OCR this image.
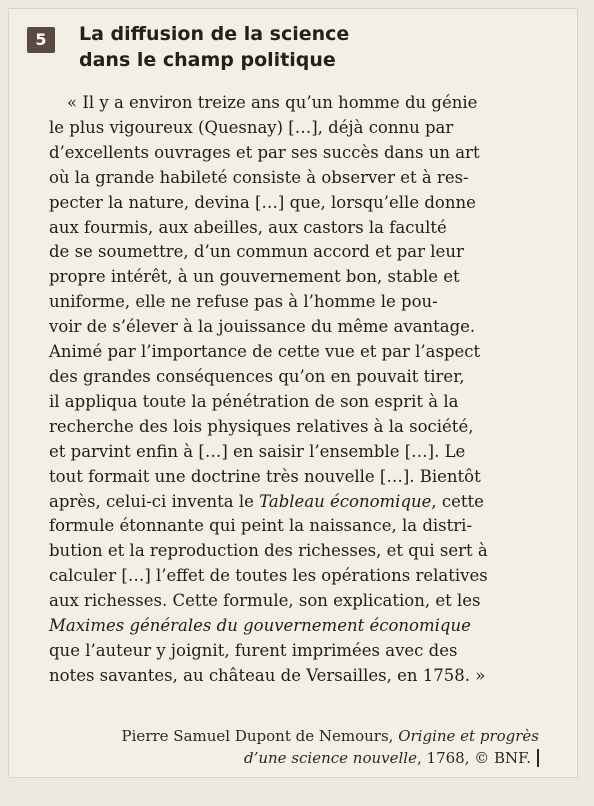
5	La diffusion de la science
dans le champ politique
« Il y a environ treize ans qu’un homme du génie
le plus vigoureux (Quesnay) […], déjà connu par
d’excellents ouvrages et par ses succès dans un art
où la grande habileté consiste à observer et à res-
pecter la nature, devina […] que, lorsqu’elle donne
aux fourmis, aux abeilles, aux castors la faculté
de se soumettre, d’un commun accord et par leur
propre intérêt, à un gouvernement bon, stable et
uniforme, elle ne refuse pas à l’homme le pou-
voir de s’élever à la jouissance du même avantage.
Animé par l’importance de cette vue et par l’aspect
des grandes conséquences qu’on en pouvait tirer,
il appliqua toute la pénétration de son esprit à la
recherche des lois physiques relatives à la société,
et parvint enfin à […] en saisir l’ensemble […]. Le
tout formait une doctrine très nouvelle […]. Bientôt
après, celui-ci inventa le Tableau économique, cette
formule étonnante qui peint la naissance, la distri-
bution et la reproduction des richesses, et qui sert à
calculer […] l’effet de toutes les opérations relatives
aux richesses. Cette formule, son explication, et les
Maximes générales du gouvernement économique
que l’auteur y joignit, furent imprimées avec des
notes savantes, au château de Versailles, en 1758. »
Pierre Samuel Dupont de Nemours, Origine et progrès
d’une science nouvelle, 1768, © BNF.
